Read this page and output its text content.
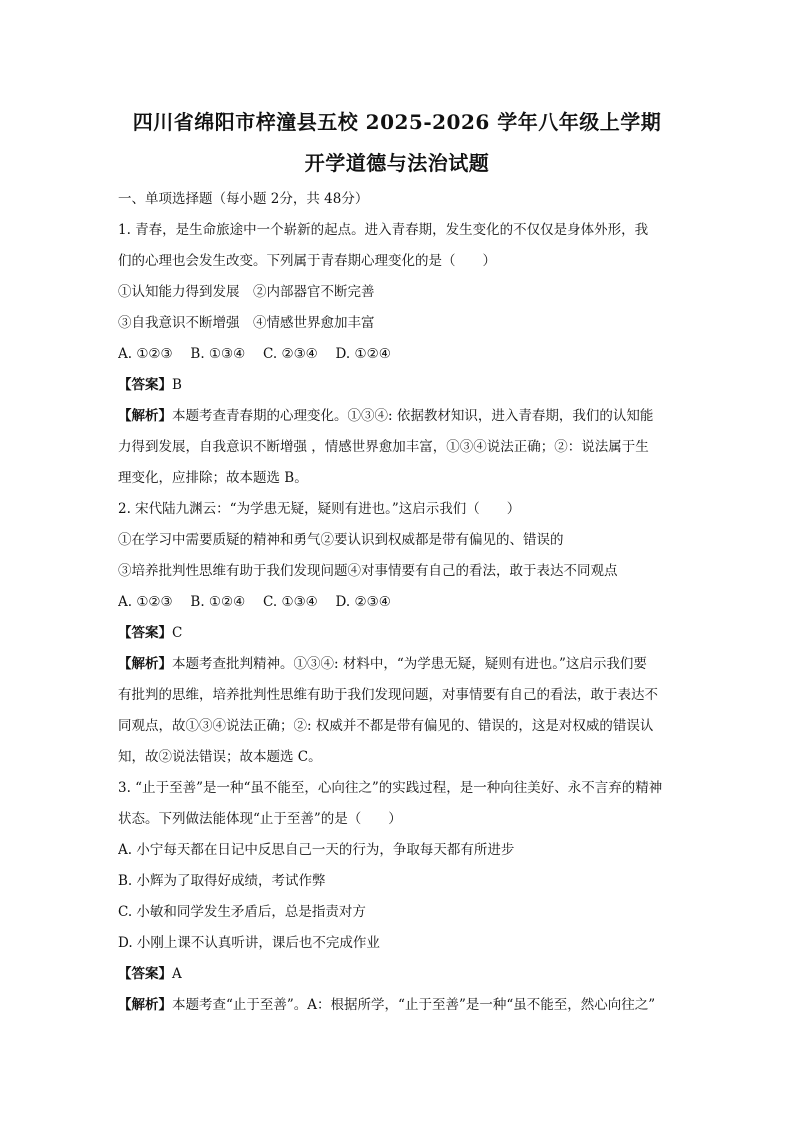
四川省绵阳市梓潼县五校 2025-2026 学年八年级上学期
开学道德与法治试题
一、单项选择题（每小题 2分，共 48分）
1. 青春，是生命旅途中一个崭新的起点。进入青春期，发生变化的不仅仅是身体外形，我
们的心理也会发生改变。下列属于青春期心理变化的是（　　）
①认知能力得到发展　②内部器官不断完善
③自我意识不断增强　④情感世界愈加丰富
A. ①②③　 B. ①③④　 C. ②③④　 D. ①②④
【答案】B
【解析】本题考查青春期的心理变化。①③④: 依据教材知识，进入青春期，我们的认知能
力得到发展，自我意识不断增强 ，情感世界愈加丰富，①③④说法正确；②：说法属于生
理变化，应排除；故本题选 B。
2. 宋代陆九渊云：“为学患无疑，疑则有进也。”这启示我们（　　）
①在学习中需要质疑的精神和勇气②要认识到权威都是带有偏见的、错误的
③培养批判性思维有助于我们发现问题④对事情要有自己的看法，敢于表达不同观点
A. ①②③　 B. ①②④　 C. ①③④　 D. ②③④
【答案】C
【解析】本题考查批判精神。①③④: 材料中，“为学患无疑，疑则有进也。”这启示我们要
有批判的思维，培养批判性思维有助于我们发现问题，对事情要有自己的看法，敢于表达不
同观点，故①③④说法正确；②: 权威并不都是带有偏见的、错误的，这是对权威的错误认
知，故②说法错误；故本题选 C。
3. “止于至善”是一种“虽不能至，心向往之”的实践过程，是一种向往美好、永不言弃的精神
状态。下列做法能体现“止于至善”的是（　　）
A. 小宁每天都在日记中反思自己一天的行为，争取每天都有所进步
B. 小辉为了取得好成绩，考试作弊
C. 小敏和同学发生矛盾后，总是指责对方
D. 小刚上课不认真听讲，课后也不完成作业
【答案】A
【解析】本题考查“止于至善”。A：根据所学，“止于至善”是一种“虽不能至，然心向往之”
